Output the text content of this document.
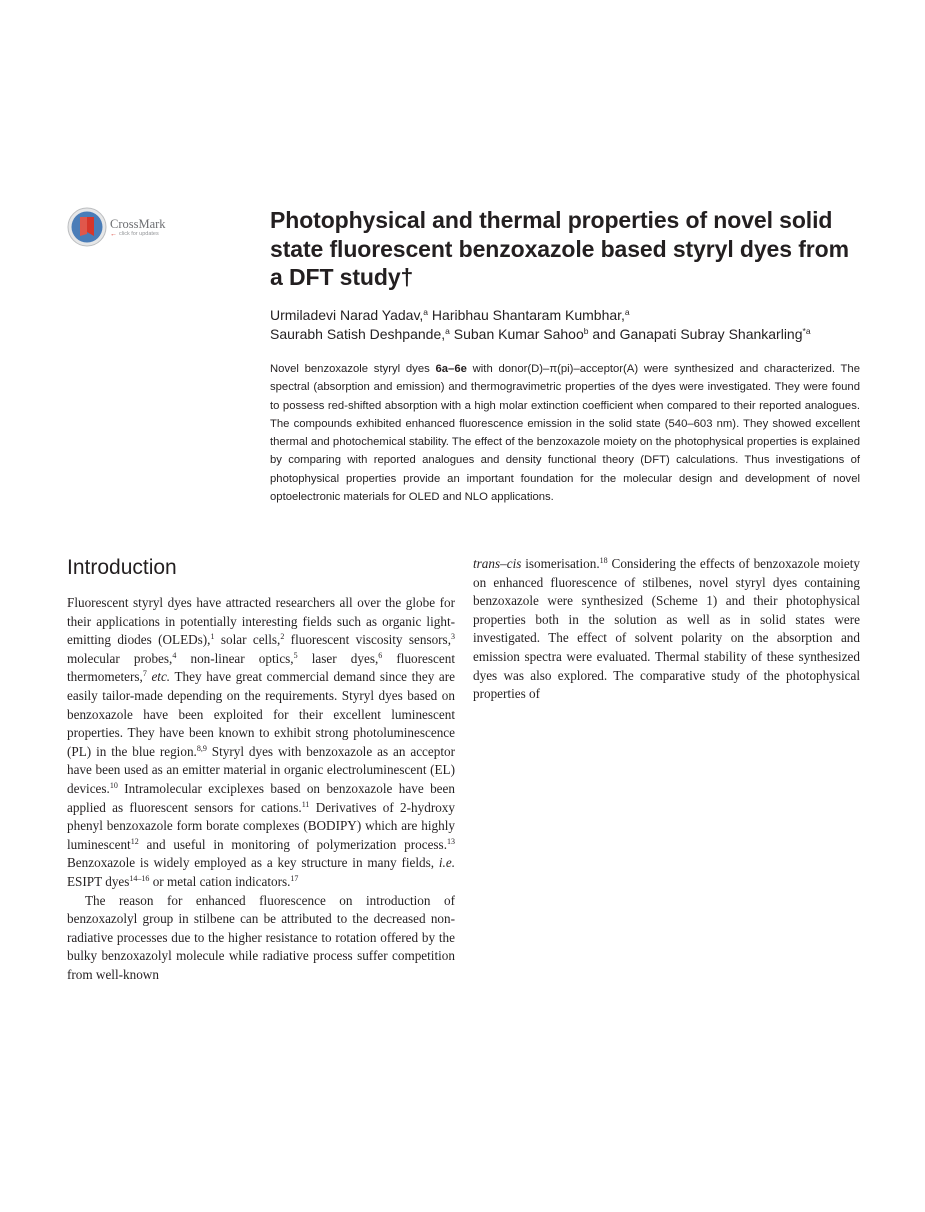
CrossMark
← click for updates
Photophysical and thermal properties of novel solid state fluorescent benzoxazole based styryl dyes from a DFT study†
Urmiladevi Narad Yadav,$^a$ Haribhau Shantaram Kumbhar,$^a$
Saurabh Satish Deshpande,$^a$ Suban Kumar Sahoo$^b$ and Ganapati Subray Shankarling$^{*a}$

Novel benzoxazole styryl dyes 6a–6e with donor(D)–π(pi)–acceptor(A) were synthesized and characterized. The spectral (absorption and emission) and thermogravimetric properties of the dyes were investigated. They were found to possess red-shifted absorption with a high molar extinction coefficient when compared to their reported analogues. The compounds exhibited enhanced fluorescence emission in the solid state (540–603 nm). They showed excellent thermal and photochemical stability. The effect of the benzoxazole moiety on the photophysical properties is explained by comparing with reported analogues and density functional theory (DFT) calculations. Thus investigations of photophysical properties provide an important foundation for the molecular design and development of novel optoelectronic materials for OLED and NLO applications.

Introduction

Fluorescent styryl dyes have attracted researchers all over the globe for their applications in potentially interesting fields such as organic light-emitting diodes (OLEDs),$^1$ solar cells,$^2$ fluorescent viscosity sensors,$^3$ molecular probes,$^4$ non-linear optics,$^5$ laser dyes,$^6$ fluorescent thermometers,$^7$ etc. They have great commercial demand since they are easily tailor-made depending on the requirements. Styryl dyes based on benzoxazole have been exploited for their excellent luminescent properties. They have been known to exhibit strong photoluminescence (PL) in the blue region.$^{8,9}$ Styryl dyes with benzoxazole as an acceptor have been used as an emitter material in organic electroluminescent (EL) devices.$^{10}$ Intramolecular exciplexes based on benzoxazole have been applied as fluorescent sensors for cations.$^{11}$ Derivatives of 2-hydroxy phenyl benzoxazole form borate complexes (BODIPY) which are highly luminescent$^{12}$ and useful in monitoring of polymerization process.$^{13}$ Benzoxazole is widely employed as a key structure in many fields, i.e. ESIPT dyes$^{14-16}$ or metal cation indicators.$^{17}$

The reason for enhanced fluorescence on introduction of benzoxazolyl group in stilbene can be attributed to the decreased non-radiative processes due to the higher resistance to rotation offered by the bulky benzoxazolyl molecule while radiative process suffer competition from well-known

trans–cis isomerisation.$^{18}$ Considering the effects of benzoxazole moiety on enhanced fluorescence of stilbenes, novel styryl dyes containing benzoxazole were synthesized (Scheme 1) and their photophysical properties both in the solution as well as in solid states were investigated. The effect of solvent polarity on the absorption and emission spectra were evaluated. Thermal stability of these synthesized dyes was also explored. The comparative study of the photophysical properties of
